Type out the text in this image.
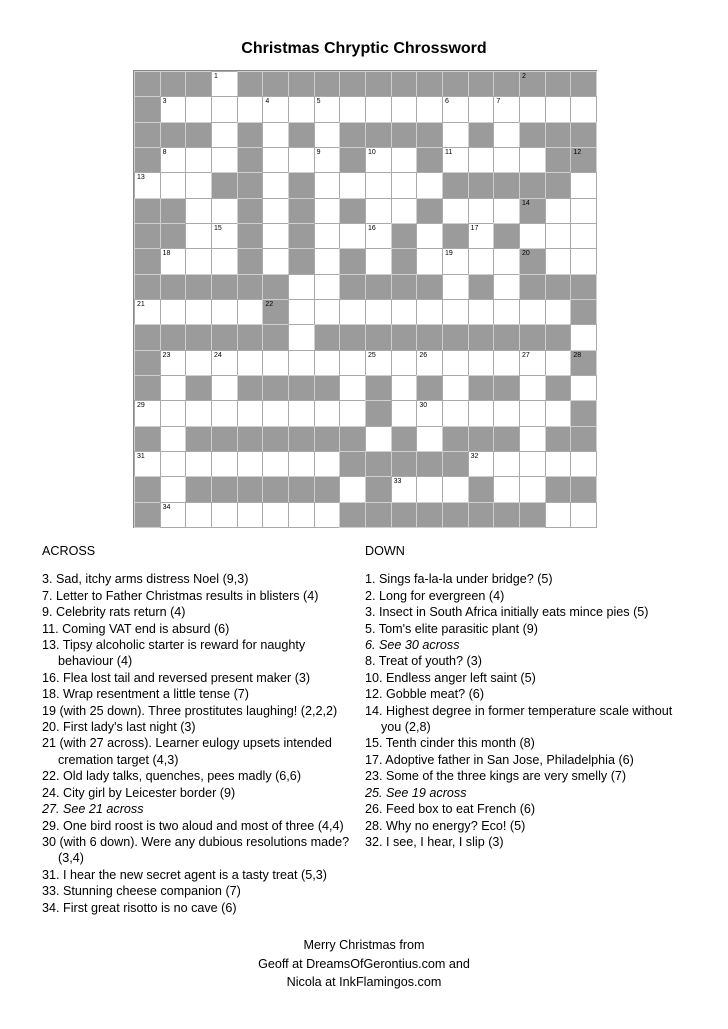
Christmas Chryptic Chrossword
1	2
3	4	5	6	7
8	9	10	11	12
13
14
15	16	17
18	19	20
21	22
23	24	25	26	27	28
29	30
31	32
33
34
ACROSS
3. Sad, itchy arms distress Noel (9,3)
7. Letter to Father Christmas results in blisters (4)
9. Celebrity rats return (4)
11. Coming VAT end is absurd (6)
13. Tipsy alcoholic starter is reward for naughty behaviour (4)
16. Flea lost tail and reversed present maker (3)
18. Wrap resentment a little tense (7)
19 (with 25 down). Three prostitutes laughing! (2,2,2)
20. First lady's last night (3)
21 (with 27 across). Learner eulogy upsets intended cremation target (4,3)
22. Old lady talks, quenches, pees madly (6,6)
24. City girl by Leicester border (9)
27. See 21 across
29. One bird roost is two aloud and most of three (4,4)
30 (with 6 down). Were any dubious resolutions made? (3,4)
31. I hear the new secret agent is a tasty treat (5,3)
33. Stunning cheese companion (7)
34. First great risotto is no cave (6)
DOWN
1. Sings fa-la-la under bridge? (5)
2. Long for evergreen (4)
3. Insect in South Africa initially eats mince pies (5)
5. Tom's elite parasitic plant (9)
6. See 30 across
8. Treat of youth? (3)
10. Endless anger left saint (5)
12. Gobble meat? (6)
14. Highest degree in former temperature scale without you (2,8)
15. Tenth cinder this month (8)
17. Adoptive father in San Jose, Philadelphia (6)
23. Some of the three kings are very smelly (7)
25. See 19 across
26. Feed box to eat French (6)
28. Why no energy? Eco! (5)
32. I see, I hear, I slip (3)
Merry Christmas from
Geoff at DreamsOfGerontius.com and
Nicola at InkFlamingos.com
